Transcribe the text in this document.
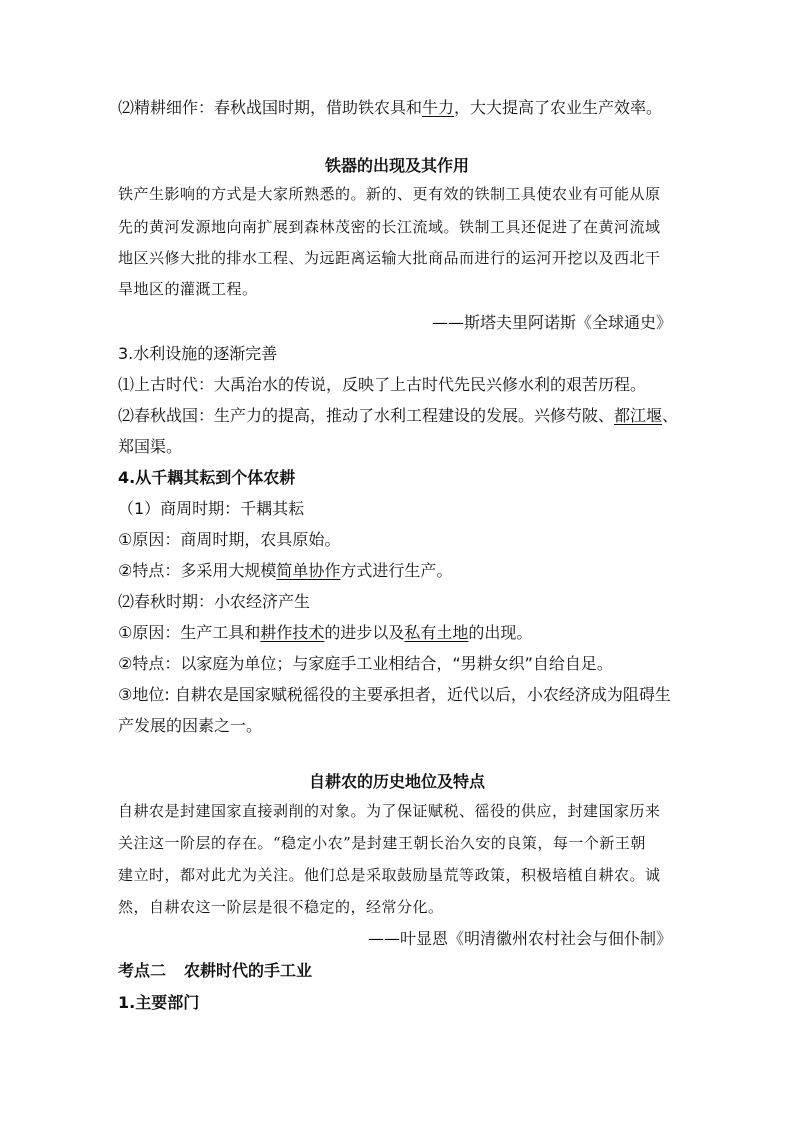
⑵精耕细作：春秋战国时期，借助铁农具和牛力，大大提高了农业生产效率。
铁器的出现及其作用
铁产生影响的方式是大家所熟悉的。新的、更有效的铁制工具使农业有可能从原
先的黄河发源地向南扩展到森林茂密的长江流域。铁制工具还促进了在黄河流域
地区兴修大批的排水工程、为远距离运输大批商品而进行的运河开挖以及西北干
旱地区的灌溉工程。
——斯塔夫里阿诺斯《全球通史》
3.水利设施的逐渐完善
⑴上古时代：大禹治水的传说，反映了上古时代先民兴修水利的艰苦历程。
⑵春秋战国：生产力的提高，推动了水利工程建设的发展。兴修芍陂、都江堰、
郑国渠。
4.从千耦其耘到个体农耕
（1）商周时期：千耦其耘
①原因：商周时期，农具原始。
②特点：多采用大规模简单协作方式进行生产。
⑵春秋时期：小农经济产生
①原因：生产工具和耕作技术的进步以及私有土地的出现。
②特点：以家庭为单位；与家庭手工业相结合，“男耕女织”自给自足。
③地位: 自耕农是国家赋税徭役的主要承担者，近代以后，小农经济成为阻碍生
产发展的因素之一。
自耕农的历史地位及特点
自耕农是封建国家直接剥削的对象。为了保证赋税、徭役的供应，封建国家历来
关注这一阶层的存在。“稳定小农”是封建王朝长治久安的良策，每一个新王朝
建立时，都对此尤为关注。他们总是采取鼓励垦荒等政策，积极培植自耕农。诚
然，自耕农这一阶层是很不稳定的，经常分化。
——叶显恩《明清徽州农村社会与佃仆制》
考点二 农耕时代的手工业
1.主要部门
